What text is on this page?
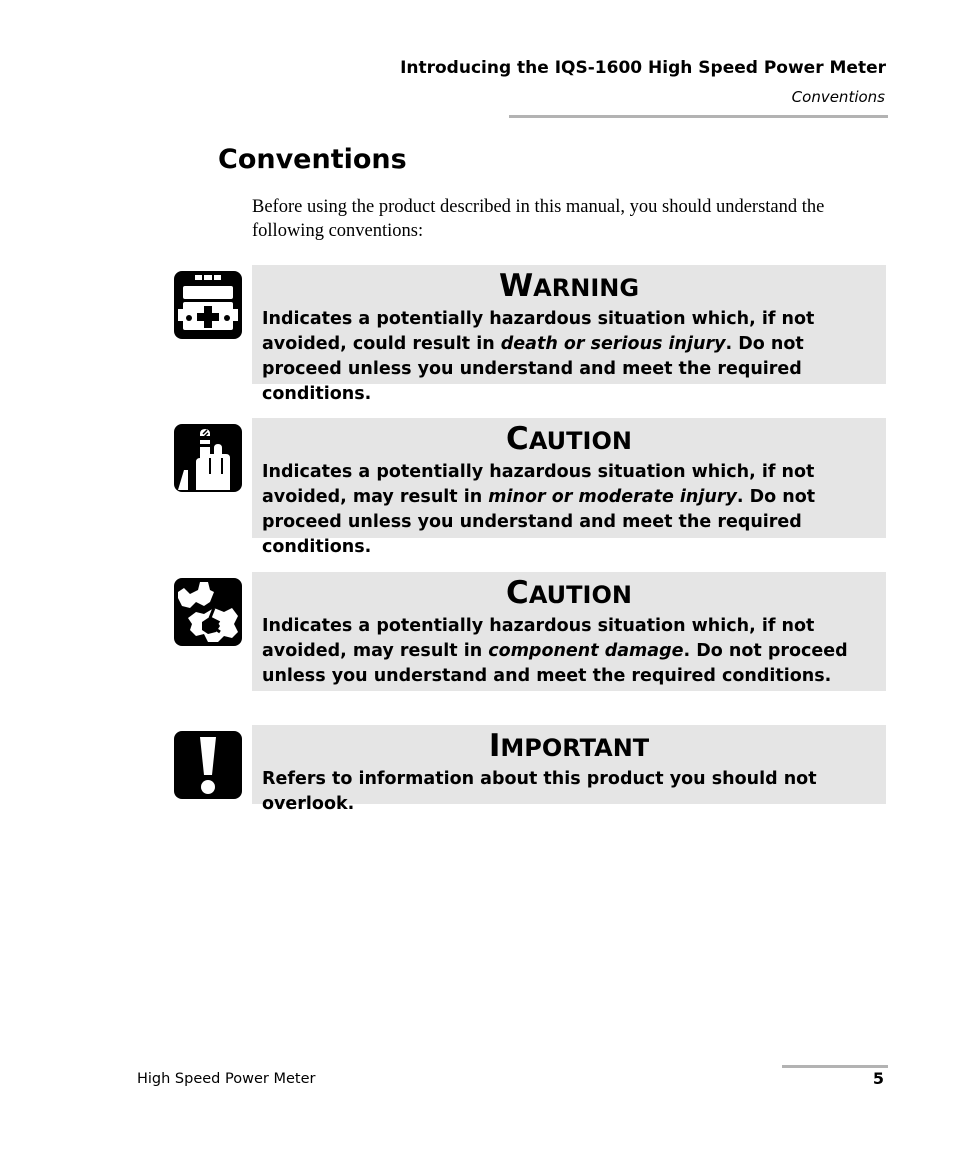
Introducing the IQS-1600 High Speed Power Meter
Conventions
Conventions

Before using the product described in this manual, you should understand the following conventions:

WARNING

Indicates a potentially hazardous situation which, if not avoided, could result in death or serious injury. Do not proceed unless you understand and meet the required conditions.

CAUTION

Indicates a potentially hazardous situation which, if not avoided, may result in minor or moderate injury. Do not proceed unless you understand and meet the required conditions.

CAUTION

Indicates a potentially hazardous situation which, if not avoided, may result in component damage. Do not proceed unless you understand and meet the required conditions.

IMPORTANT

Refers to information about this product you should not overlook.

High Speed Power Meter	5
